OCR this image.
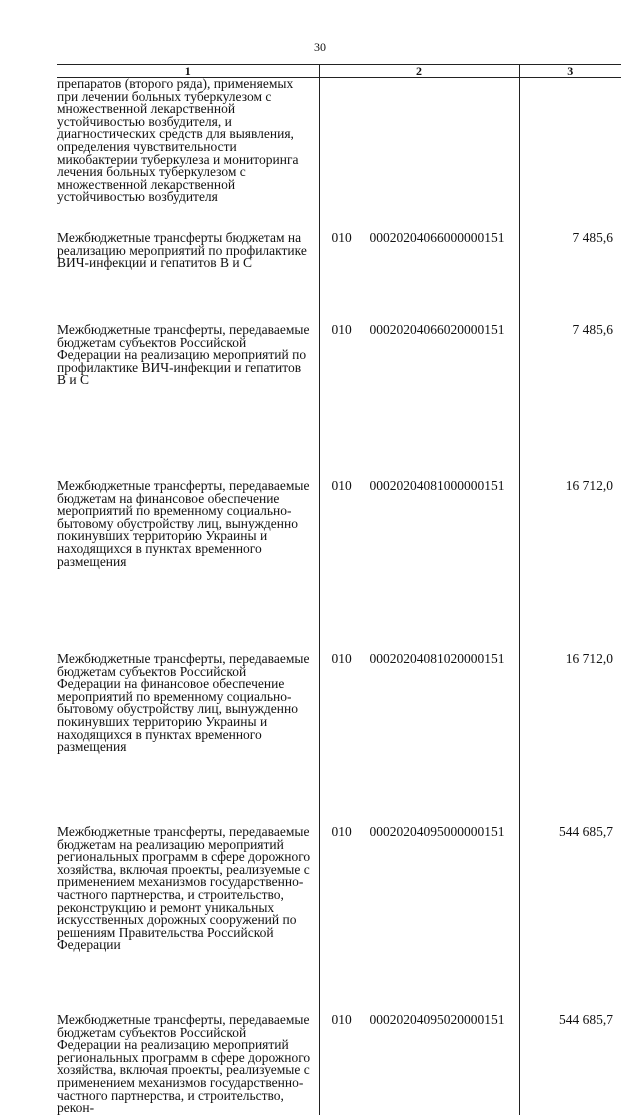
30
1	2	3
препаратов (второго ряда), применяемых при лечении больных туберкулезом с множественной лекарственной устойчивостью возбудителя, и диагностических средств для выявления, определения чувствительности микобактерии туберкулеза и мониторинга лечения больных туберкулезом с множественной лекарственной устойчивостью возбудителя		
Межбюджетные трансферты бюджетам на реализацию мероприятий по профилактике ВИЧ-инфекции и гепатитов В и С	010 00020204066000000151	7 485,6

Межбюджетные трансферты, передаваемые бюджетам субъектов Российской Федерации на реализацию мероприятий по профилактике ВИЧ-инфекции и гепатитов В и С	010 00020204066020000151	7 485,6

Межбюджетные трансферты, передаваемые бюджетам на финансовое обеспечение мероприятий по временному социально-бытовому обустройству лиц, вынужденно покинувших территорию Украины и находящихся в пунктах временного размещения	010 00020204081000000151	16 712,0

Межбюджетные трансферты, передаваемые бюджетам субъектов Российской Федерации на финансовое обеспечение мероприятий по временному социально-бытовому обустройству лиц, вынужденно покинувших территорию Украины и находящихся в пунктах временного размещения	010 00020204081020000151	16 712,0

Межбюджетные трансферты, передаваемые бюджетам на реализацию мероприятий региональных программ в сфере дорожного хозяйства, включая проекты, реализуемые с применением механизмов государственно-частного партнерства, и строительство, реконструкцию и ремонт уникальных искусственных дорожных сооружений по решениям Правительства Российской Федерации	010 00020204095000000151	544 685,7

Межбюджетные трансферты, передаваемые бюджетам субъектов Российской Федерации на реализацию мероприятий региональных программ в сфере дорожного хозяйства, включая проекты, реализуемые с применением механизмов государственно-частного партнерства, и строительство, рекон-	010 00020204095020000151	544 685,7
